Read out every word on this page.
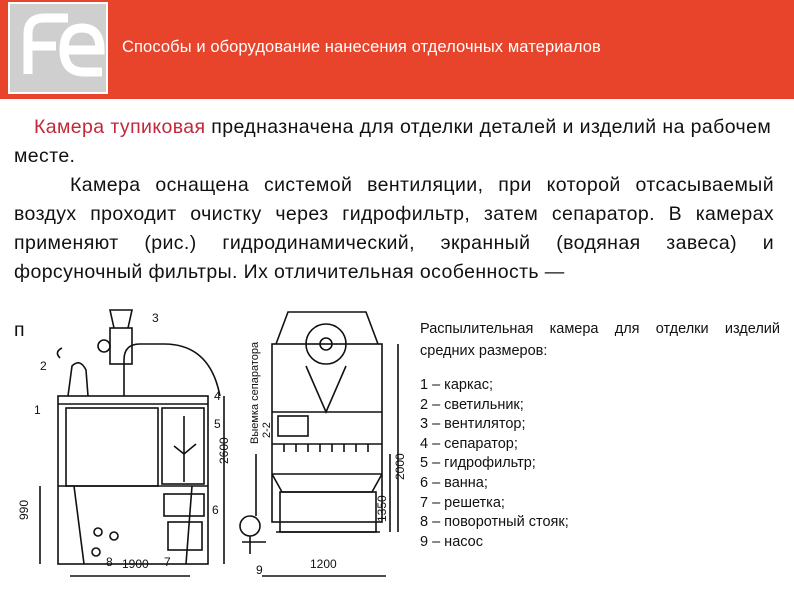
Способы и оборудование нанесения отделочных материалов

Камера тупиковая предназначена для отделки деталей и изделий на рабочем месте.

Камера оснащена системой вентиляции, при которой отсасываемый воздух проходит очистку через гидрофильтр, затем сепаратор. В камерах применяют (рис.) гидродинамический, экранный (водяная завеса) и форсуночный фильтры. Их отличительная особенность —

п
2
1
3
4
5
6
7
8
9
990
2600
1900	1200
1350
2000
Выемка сепаратора 2-2

Распылительная камера для отделки изделий средних размеров:

1 – каркас;
2 – светильник;
3 – вентилятор;
4 – сепаратор;
5 – гидрофильтр;
6 – ванна;
7 – решетка;
8 – поворотный стояк;
9 – насос
